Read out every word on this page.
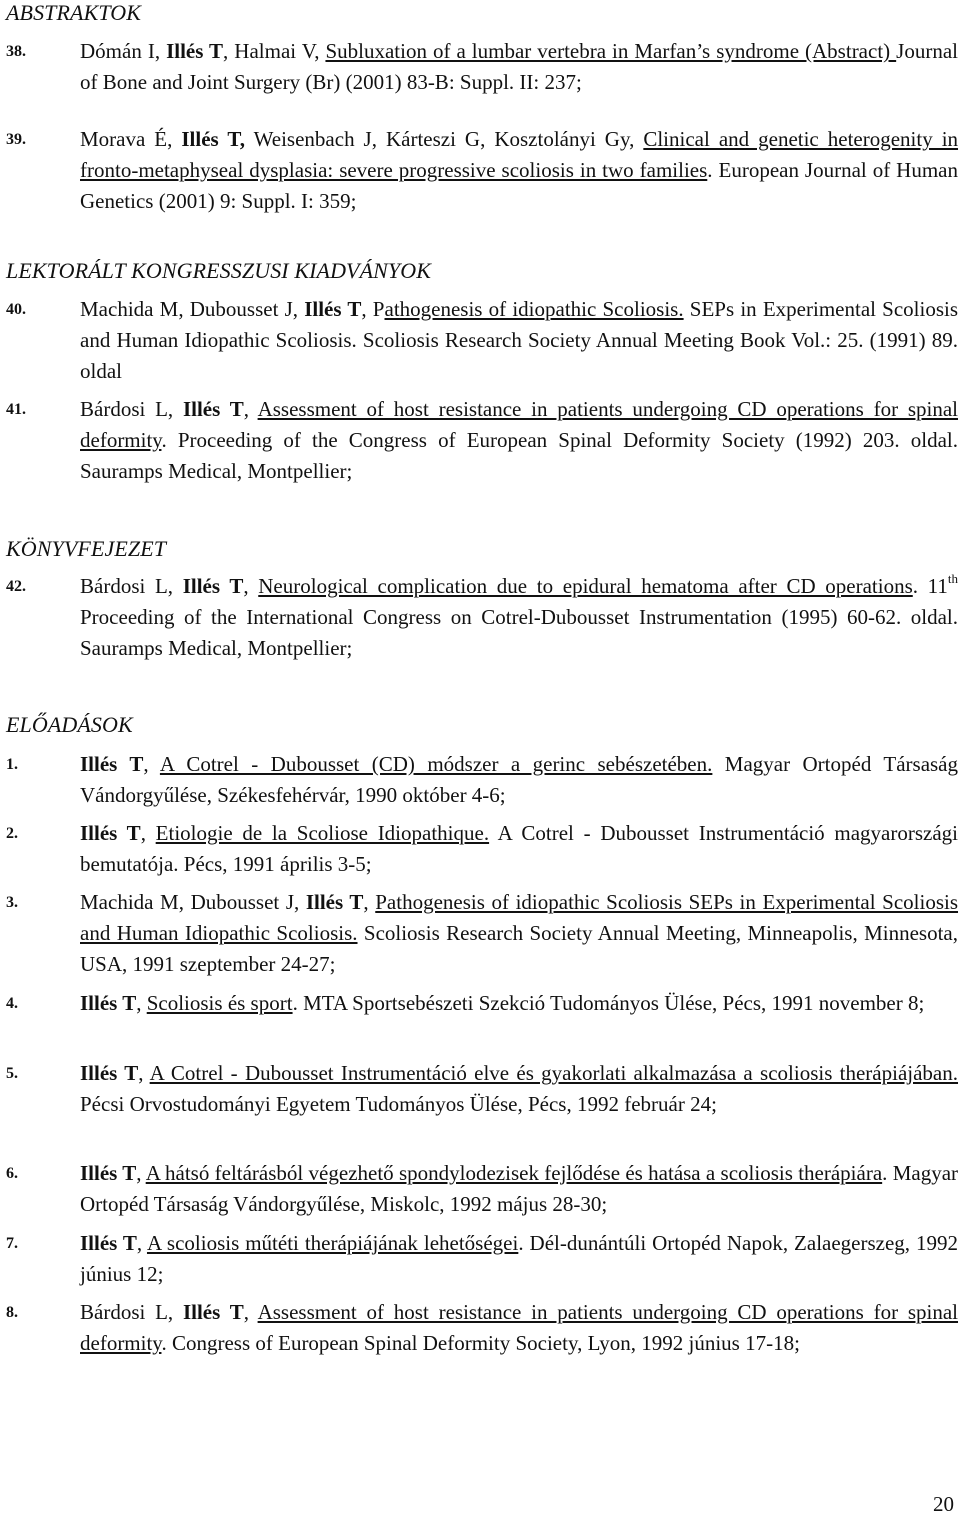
ABSTRAKTOK
38.	Dómán I, Illés T, Halmai V, Subluxation of a lumbar vertebra in Marfan’s syndrome (Abstract) Journal of Bone and Joint Surgery (Br) (2001) 83-B: Suppl. II: 237;
39.	Morava É, Illés T, Weisenbach J, Kárteszi G, Kosztolányi Gy, Clinical and genetic heterogenity in fronto-metaphyseal dysplasia: severe progressive scoliosis in two families. European Journal of Human Genetics (2001) 9: Suppl. I: 359;
LEKTORÁLT KONGRESSZUSI KIADVÁNYOK
40.	Machida M, Dubousset J, Illés T, Pathogenesis of idiopathic Scoliosis. SEPs in Experimental Scoliosis and Human Idiopathic Scoliosis. Scoliosis Research Society Annual Meeting Book Vol.: 25. (1991) 89. oldal
41.	Bárdosi L, Illés T, Assessment of host resistance in patients undergoing CD operations for spinal deformity. Proceeding of the Congress of European Spinal Deformity Society (1992) 203. oldal. Sauramps Medical, Montpellier;
KÖNYVFEJEZET
42.	Bárdosi L, Illés T, Neurological complication due to epidural hematoma after CD operations. 11th Proceeding of the International Congress on Cotrel-Dubousset Instrumentation (1995) 60-62. oldal. Sauramps Medical, Montpellier;
ELŐADÁSOK
1.	Illés T, A Cotrel - Dubousset (CD) módszer a gerinc sebészetében. Magyar Ortopéd Társaság Vándorgyűlése, Székesfehérvár, 1990 október 4-6;
2.	Illés T, Etiologie de la Scoliose Idiopathique. A Cotrel - Dubousset Instrumentáció magyarországi bemutatója. Pécs, 1991 április 3-5;
3.	Machida M, Dubousset J, Illés T, Pathogenesis of idiopathic Scoliosis SEPs in Experimental Scoliosis and Human Idiopathic Scoliosis. Scoliosis Research Society Annual Meeting, Minneapolis, Minnesota, USA, 1991 szeptember 24-27;
4.	Illés T, Scoliosis és sport. MTA Sportsebészeti Szekció Tudományos Ülése, Pécs, 1991 november 8;
5.	Illés T, A Cotrel - Dubousset Instrumentáció elve és gyakorlati alkalmazása a scoliosis therápiájában. Pécsi Orvostudományi Egyetem Tudományos Ülése, Pécs, 1992 február 24;
6.	Illés T, A hátsó feltárásból végezhető spondylodezisek fejlődése és hatása a scoliosis therápiára. Magyar Ortopéd Társaság Vándorgyűlése, Miskolc, 1992 május 28-30;
7.	Illés T, A scoliosis műtéti therápiájának lehetőségei. Dél-dunántúli Ortopéd Napok, Zalaegerszeg, 1992 június 12;
8.	Bárdosi L, Illés T, Assessment of host resistance in patients undergoing CD operations for spinal deformity. Congress of European Spinal Deformity Society, Lyon, 1992 június 17-18;
20
